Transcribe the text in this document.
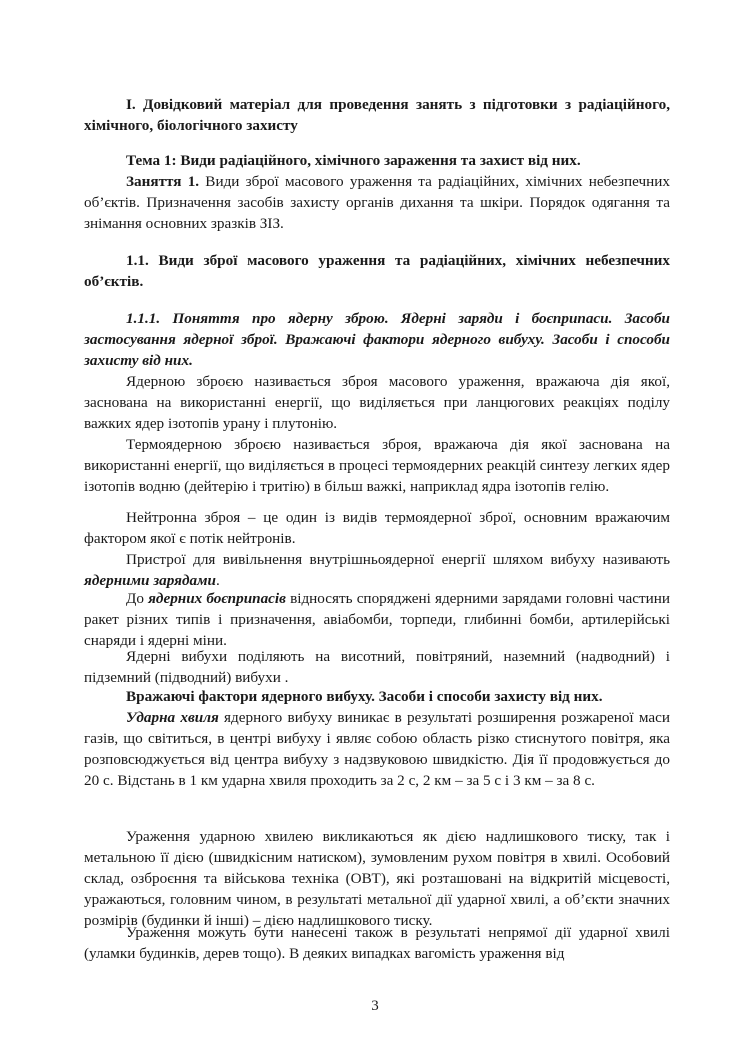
I. Довідковий матеріал для проведення занять з підготовки з радіаційного, хімічного, біологічного захисту

Тема 1: Види радіаційного, хімічного зараження та захист від них.

Заняття 1. Види зброї масового ураження та радіаційних, хімічних небезпечних об’єктів. Призначення засобів захисту органів дихання та шкіри. Порядок одягання та знімання основних зразків ЗІЗ.

1.1. Види зброї масового ураження та радіаційних, хімічних небезпечних об’єктів.

1.1.1. Поняття про ядерну зброю. Ядерні заряди і боєприпаси. Засоби застосування ядерної зброї. Вражаючі фактори ядерного вибуху. Засоби і способи захисту від них.

Ядерною зброєю називається зброя масового ураження, вражаюча дія якої, заснована на використанні енергії, що виділяється при ланцюгових реакціях поділу важких ядер ізотопів урану і плутонію.

Термоядерною зброєю називається зброя, вражаюча дія якої заснована на використанні енергії, що виділяється в процесі термоядерних реакцій синтезу легких ядер ізотопів водню (дейтерію і тритію) в більш важкі, наприклад ядра ізотопів гелію.

Нейтронна зброя – це один із видів термоядерної зброї, основним вражаючим фактором якої є потік нейтронів.

Пристрої для вивільнення внутрішньоядерної енергії шляхом вибуху називають ядерними зарядами.

До ядерних боєприпасів відносять споряджені ядерними зарядами головні частини ракет різних типів і призначення, авіабомби, торпеди, глибинні бомби, артилерійські снаряди і ядерні міни.

Ядерні вибухи поділяють на висотний, повітряний, наземний (надводний) і підземний (підводний) вибухи .

Вражаючі фактори ядерного вибуху. Засоби і способи захисту від них.

Ударна хвиля ядерного вибуху виникає в результаті розширення розжареної маси газів, що світиться, в центрі вибуху і являє собою область різко стиснутого повітря, яка розповсюджується від центра вибуху з надзвуковою швидкістю. Дія її продовжується до 20 с. Відстань в 1 км ударна хвиля проходить за 2 с, 2 км – за 5 с і 3 км – за 8 с.

Ураження ударною хвилею викликаються як дією надлишкового тиску, так і метальною її дією (швидкісним натиском), зумовленим рухом повітря в хвилі. Особовий склад, озброєння та військова техніка (ОВТ), які розташовані на відкритій місцевості, уражаються, головним чином, в результаті метальної дії ударної хвилі, а об’єкти значних розмірів (будинки й інші) – дією надлишкового тиску.

Ураження можуть бути нанесені також в результаті непрямої дії ударної хвилі (уламки будинків, дерев тощо). В деяких випадках вагомість ураження від

3
